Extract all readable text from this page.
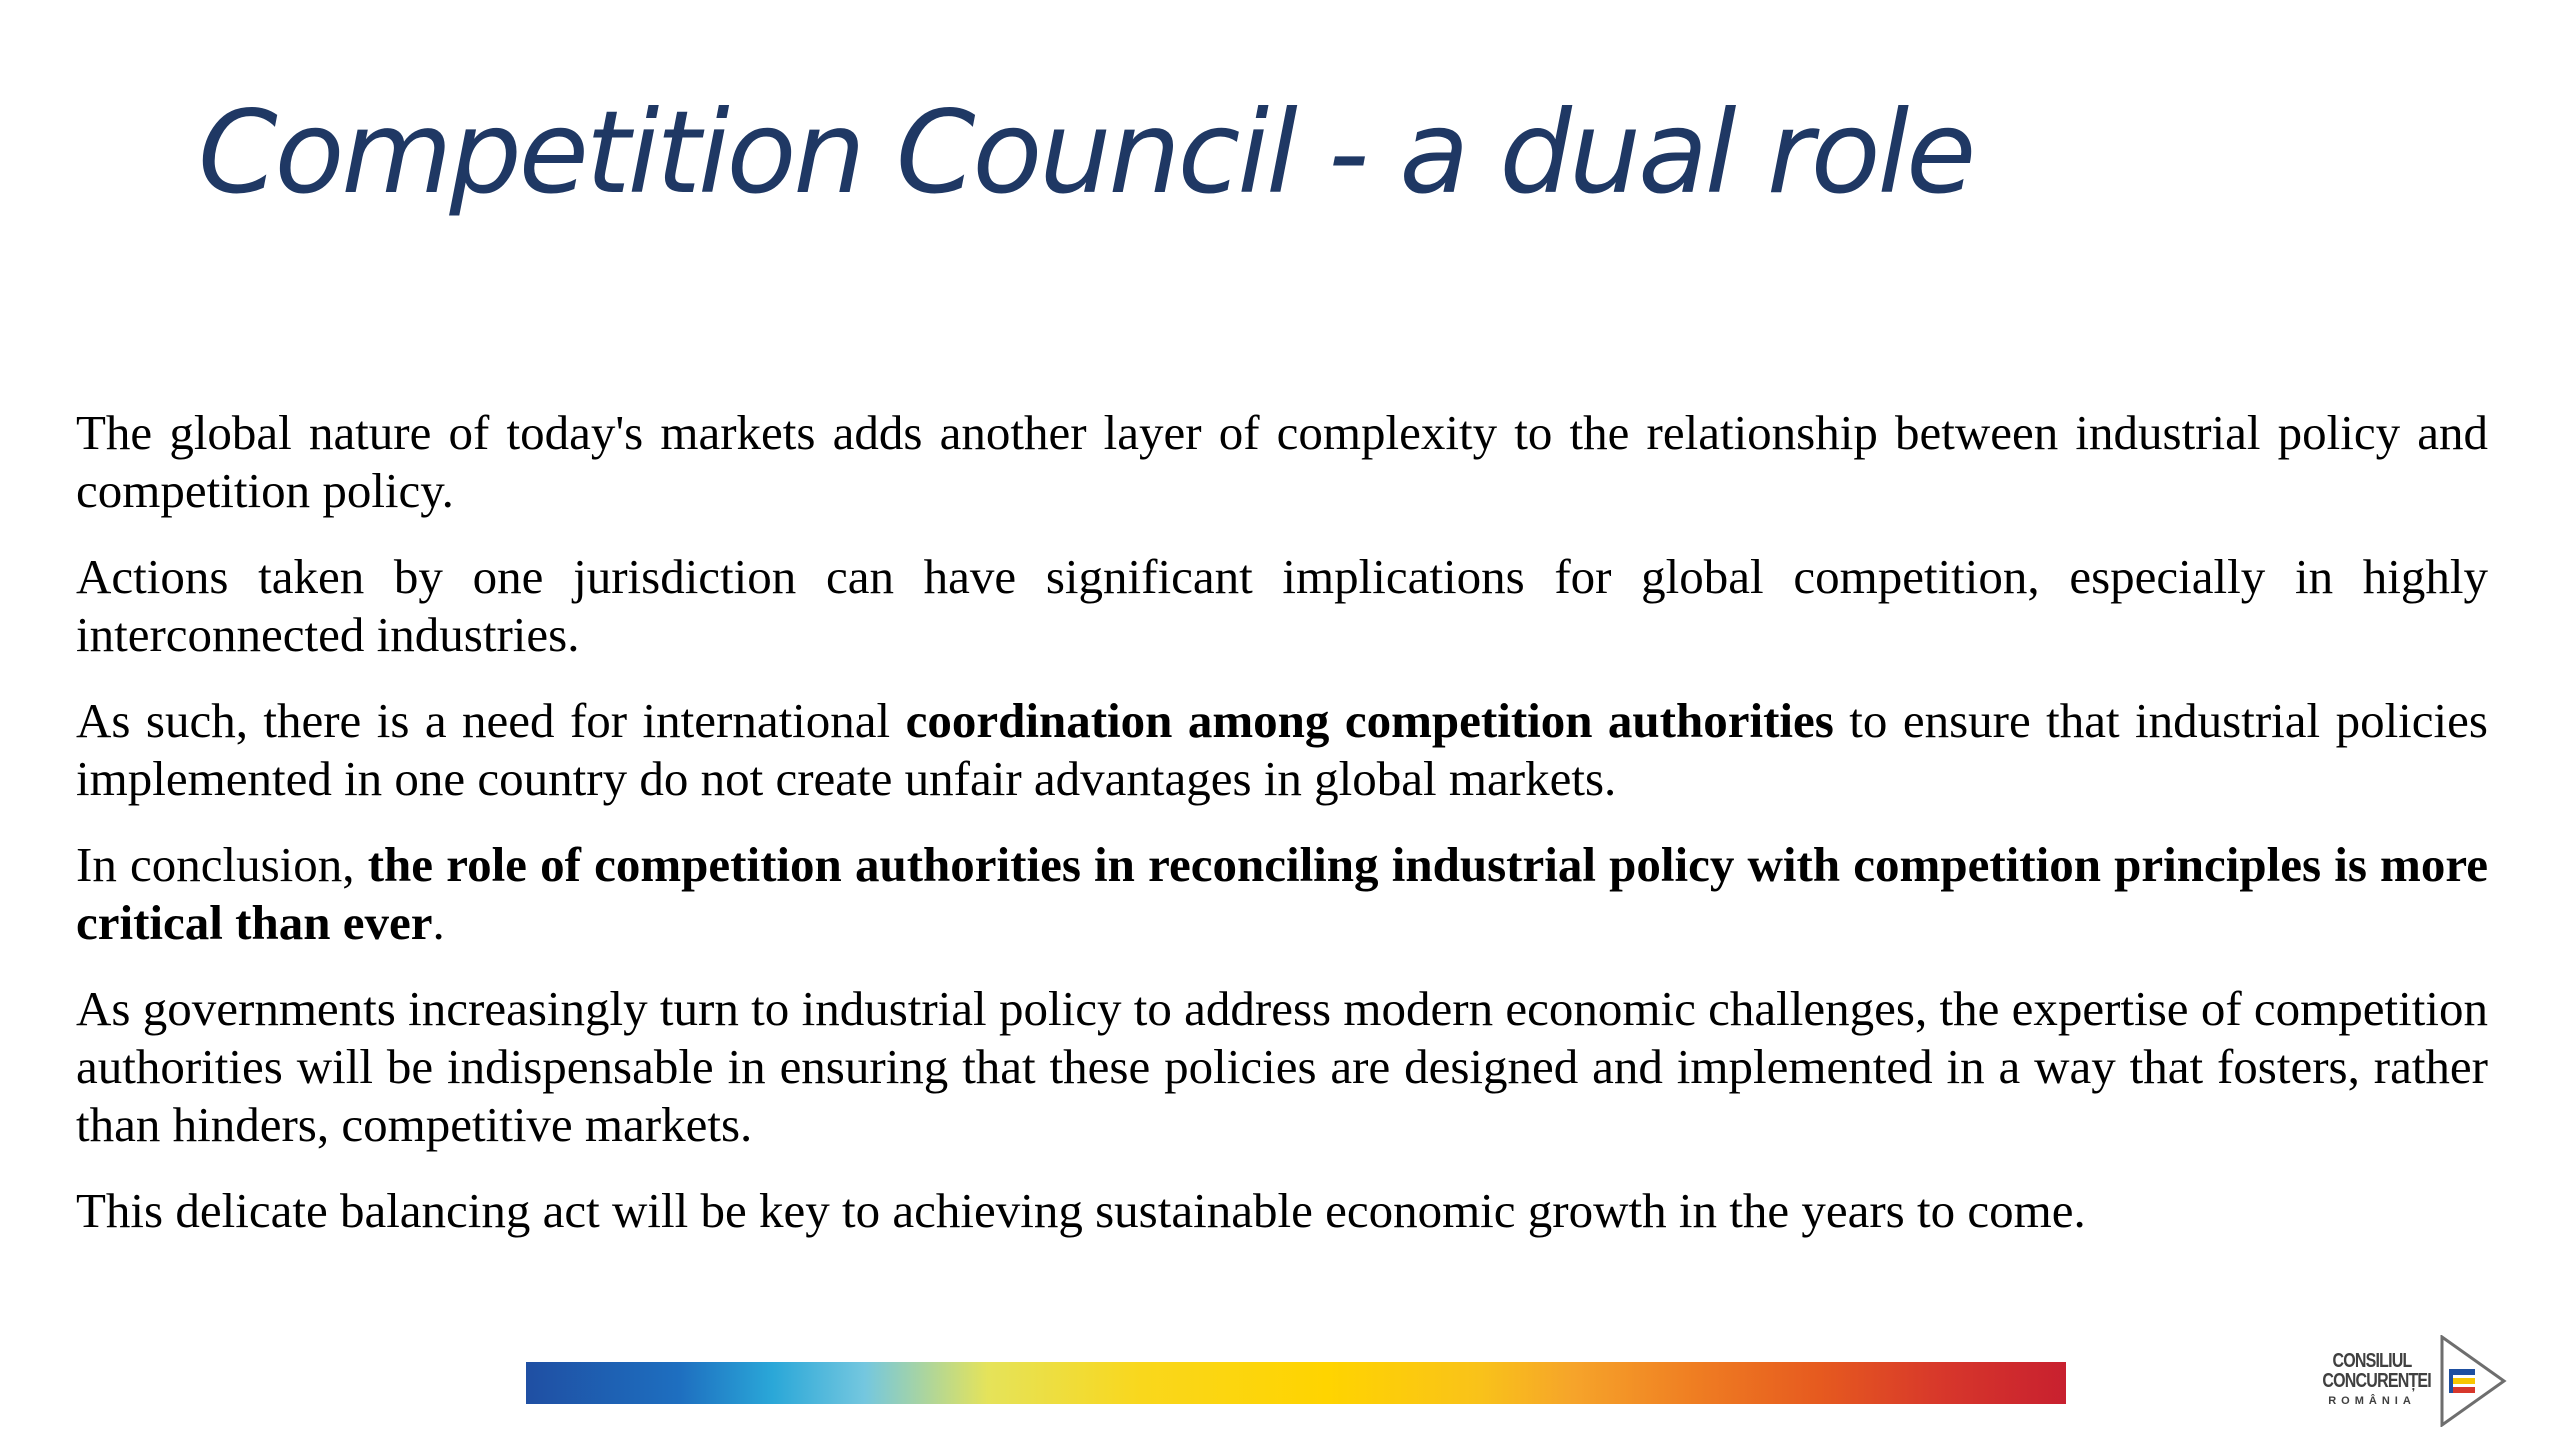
Competition Council - a dual role

The global nature of today's markets adds another layer of complexity to the relationship between industrial policy and competition policy.

Actions taken by one jurisdiction can have significant implications for global competition, especially in highly interconnected industries.

As such, there is a need for international coordination among competition authorities to ensure that industrial policies implemented in one country do not create unfair advantages in global markets.

In conclusion, the role of competition authorities in reconciling industrial policy with competition principles is more critical than ever.

As governments increasingly turn to industrial policy to address modern economic challenges, the expertise of competition authorities will be indispensable in ensuring that these policies are designed and implemented in a way that fosters, rather than hinders, competitive markets.

This delicate balancing act will be key to achieving sustainable economic growth in the years to come.

CONSILIUL
CONCURENȚEI
ROMÂNIA
